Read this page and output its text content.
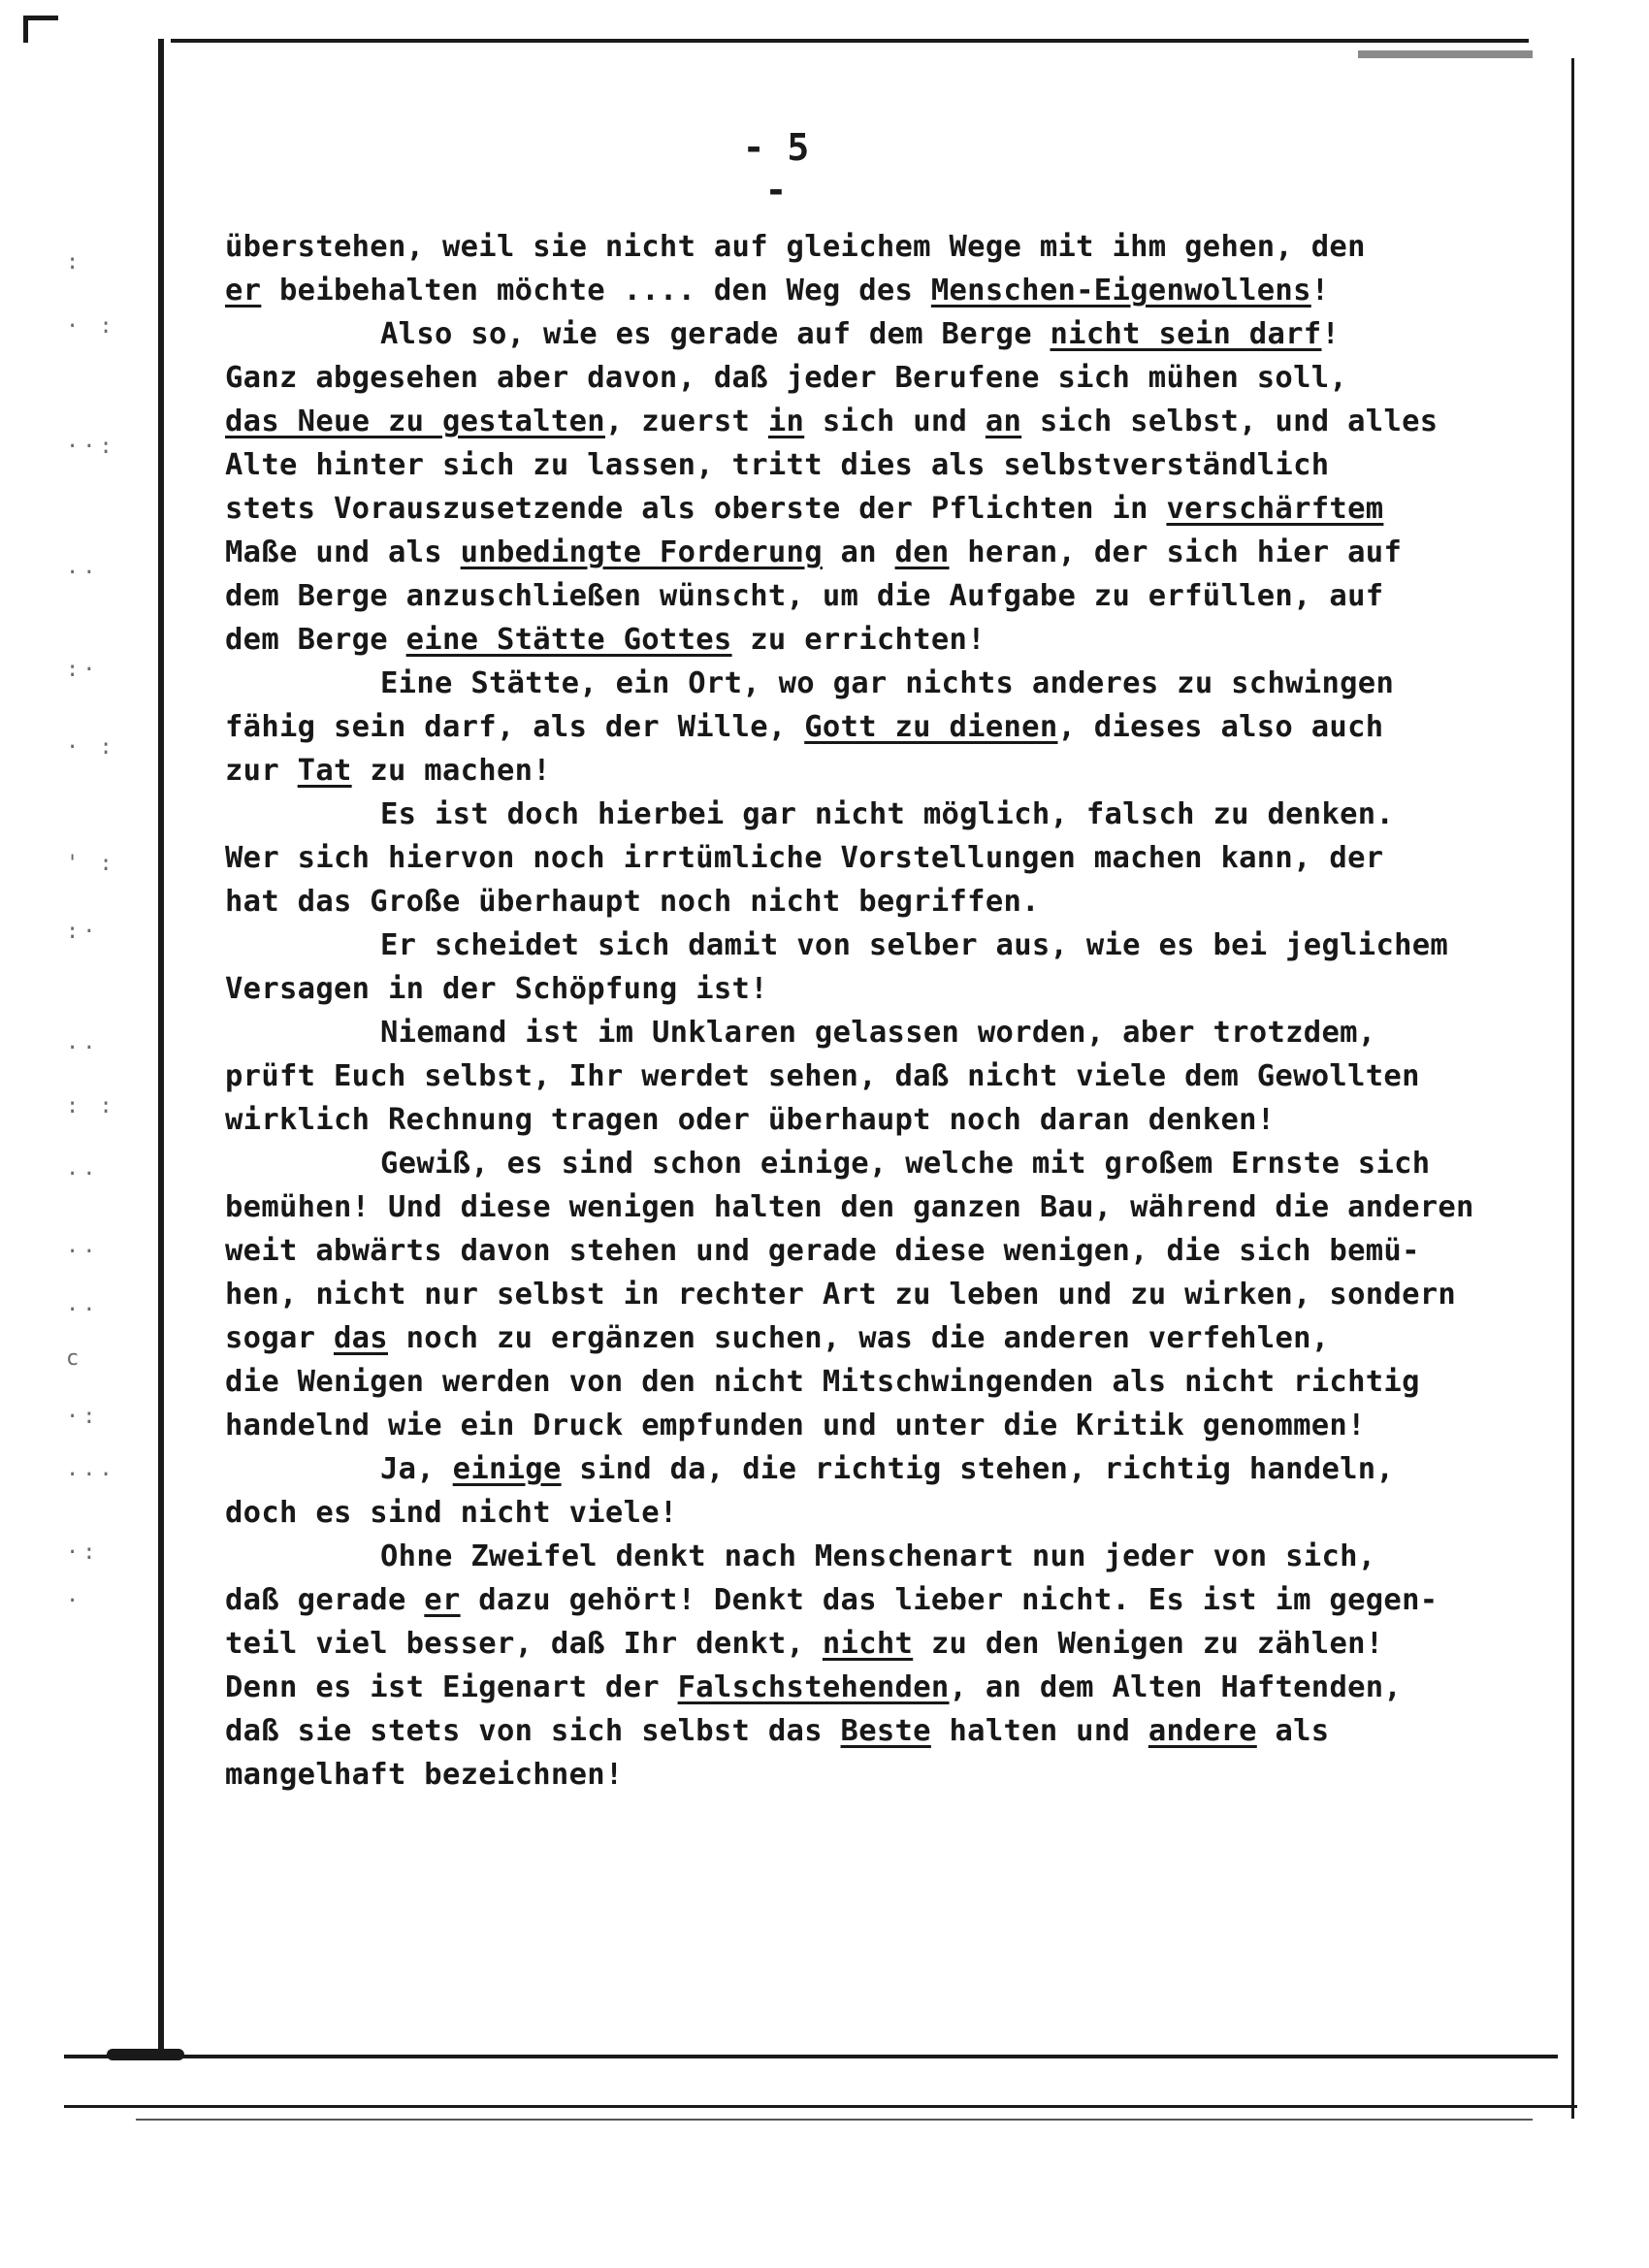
:
· :
··:
··
:·
· :
' :
:·
··
: :
··
··
··
c
·:
···
·:
·
- 5 -
überstehen, weil sie nicht auf gleichem Wege mit ihm gehen, den
er beibehalten möchte .... den Weg des Menschen-Eigenwollens!
Also so, wie es gerade auf dem Berge nicht sein darf!
Ganz abgesehen aber davon, daß jeder Berufene sich mühen soll,
das Neue zu gestalten, zuerst in sich und an sich selbst, und alles
Alte hinter sich zu lassen, tritt dies als selbstverständlich
stets Vorauszusetzende als oberste der Pflichten in verschärftem
Maße und als unbedingte Forderung an den heran, der sich hier auf
dem Berge anzuschließen wünscht, um die Aufgabe zu erfüllen, auf
dem Berge eine Stätte Gottes zu errichten!
Eine Stätte, ein Ort, wo gar nichts anderes zu schwingen
fähig sein darf, als der Wille, Gott zu dienen, dieses also auch
zur Tat zu machen!
Es ist doch hierbei gar nicht möglich, falsch zu denken.
Wer sich hiervon noch irrtümliche Vorstellungen machen kann, der
hat das Große überhaupt noch nicht begriffen.
Er scheidet sich damit von selber aus, wie es bei jeglichem
Versagen in der Schöpfung ist!
Niemand ist im Unklaren gelassen worden, aber trotzdem,
prüft Euch selbst, Ihr werdet sehen, daß nicht viele dem Gewollten
wirklich Rechnung tragen oder überhaupt noch daran denken!
Gewiß, es sind schon einige, welche mit großem Ernste sich
bemühen! Und diese wenigen halten den ganzen Bau, während die anderen
weit abwärts davon stehen und gerade diese wenigen, die sich bemü-
hen, nicht nur selbst in rechter Art zu leben und zu wirken, sondern
sogar das noch zu ergänzen suchen, was die anderen verfehlen,
die Wenigen werden von den nicht Mitschwingenden als nicht richtig
handelnd wie ein Druck empfunden und unter die Kritik genommen!
Ja, einige sind da, die richtig stehen, richtig handeln,
doch es sind nicht viele!
Ohne Zweifel denkt nach Menschenart nun jeder von sich,
daß gerade er dazu gehört! Denkt das lieber nicht. Es ist im gegen-
teil viel besser, daß Ihr denkt, nicht zu den Wenigen zu zählen!
Denn es ist Eigenart der Falschstehenden, an dem Alten Haftenden,
daß sie stets von sich selbst das Beste halten und andere als
mangelhaft bezeichnen!
